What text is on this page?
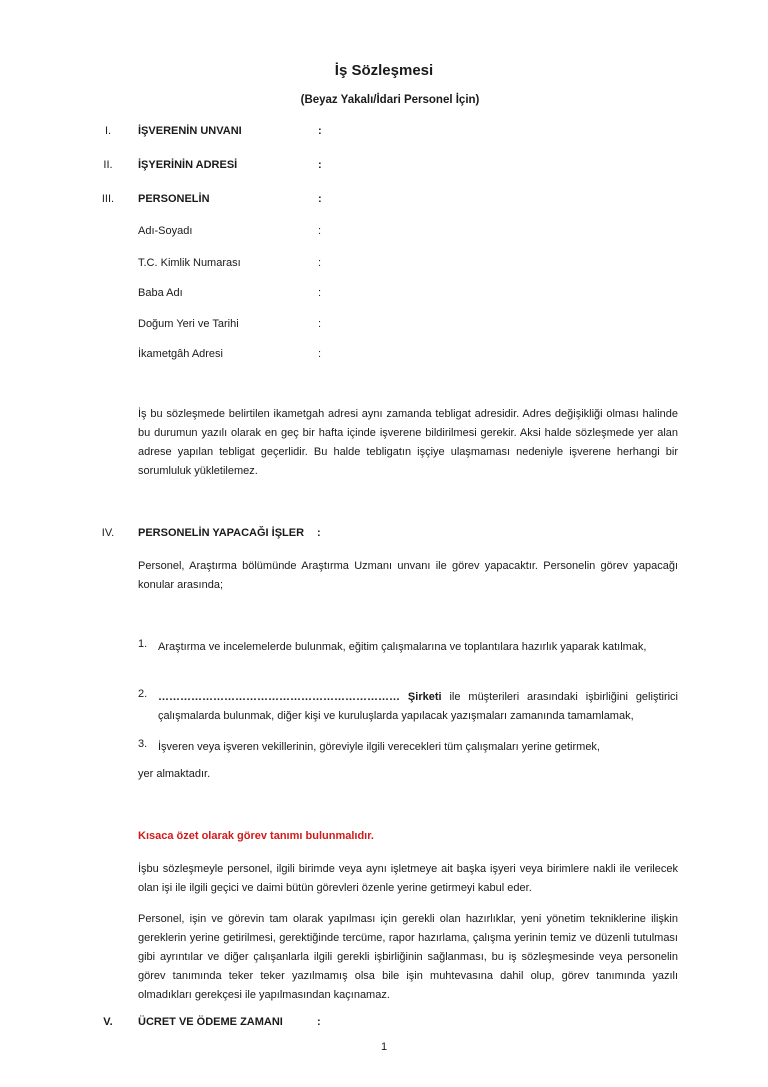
İş Sözleşmesi
(Beyaz Yakalı/İdari Personel İçin)
I.	İŞVERENİN UNVANI	:
II.	İŞYERİNİN ADRESİ	:
III.	PERSONELİN	:
Adı-Soyadı	:
T.C. Kimlik Numarası	:
Baba Adı	:
Doğum Yeri ve Tarihi	:
İkametgâh Adresi	:
İş bu sözleşmede belirtilen ikametgah adresi aynı zamanda tebligat adresidir. Adres değişikliği olması halinde bu durumun yazılı olarak en geç bir hafta içinde işverene bildirilmesi gerekir. Aksi halde sözleşmede yer alan adrese yapılan tebligat geçerlidir. Bu halde tebligatın işçiye ulaşmaması nedeniyle işverene herhangi bir sorumluluk yükletilemez.
IV.	PERSONELİN YAPACAĞI İŞLER :
Personel, Araştırma bölümünde Araştırma Uzmanı unvanı ile görev yapacaktır. Personelin görev yapacağı konular arasında;
1. Araştırma ve incelemelerde bulunmak, eğitim çalışmalarına ve toplantılara hazırlık yaparak katılmak,
2. ………………………………………………………… Şirketi ile müşterileri arasındaki işbirliğini geliştirici çalışmalarda bulunmak, diğer kişi ve kuruluşlarda yapılacak yazışmaları zamanında tamamlamak,
3. İşveren veya işveren vekillerinin, göreviyle ilgili verecekleri tüm çalışmaları yerine getirmek,
yer almaktadır.
Kısaca özet olarak görev tanımı bulunmalıdır.
İşbu sözleşmeyle personel, ilgili birimde veya aynı işletmeye ait başka işyeri veya birimlere nakli ile verilecek olan işi ile ilgili geçici ve daimi bütün görevleri özenle yerine getirmeyi kabul eder.
Personel, işin ve görevin tam olarak yapılması için gerekli olan hazırlıklar, yeni yönetim tekniklerine ilişkin gereklerin yerine getirilmesi, gerektiğinde tercüme, rapor hazırlama, çalışma yerinin temiz ve düzenli tutulması gibi ayrıntılar ve diğer çalışanlarla ilgili gerekli işbirliğinin sağlanması, bu iş sözleşmesinde veya personelin görev tanımında teker teker yazılmamış olsa bile işin muhtevasına dahil olup, görev tanımında yazılı olmadıkları gerekçesi ile yapılmasından kaçınamaz.
V.	ÜCRET VE ÖDEME ZAMANI	:
1
